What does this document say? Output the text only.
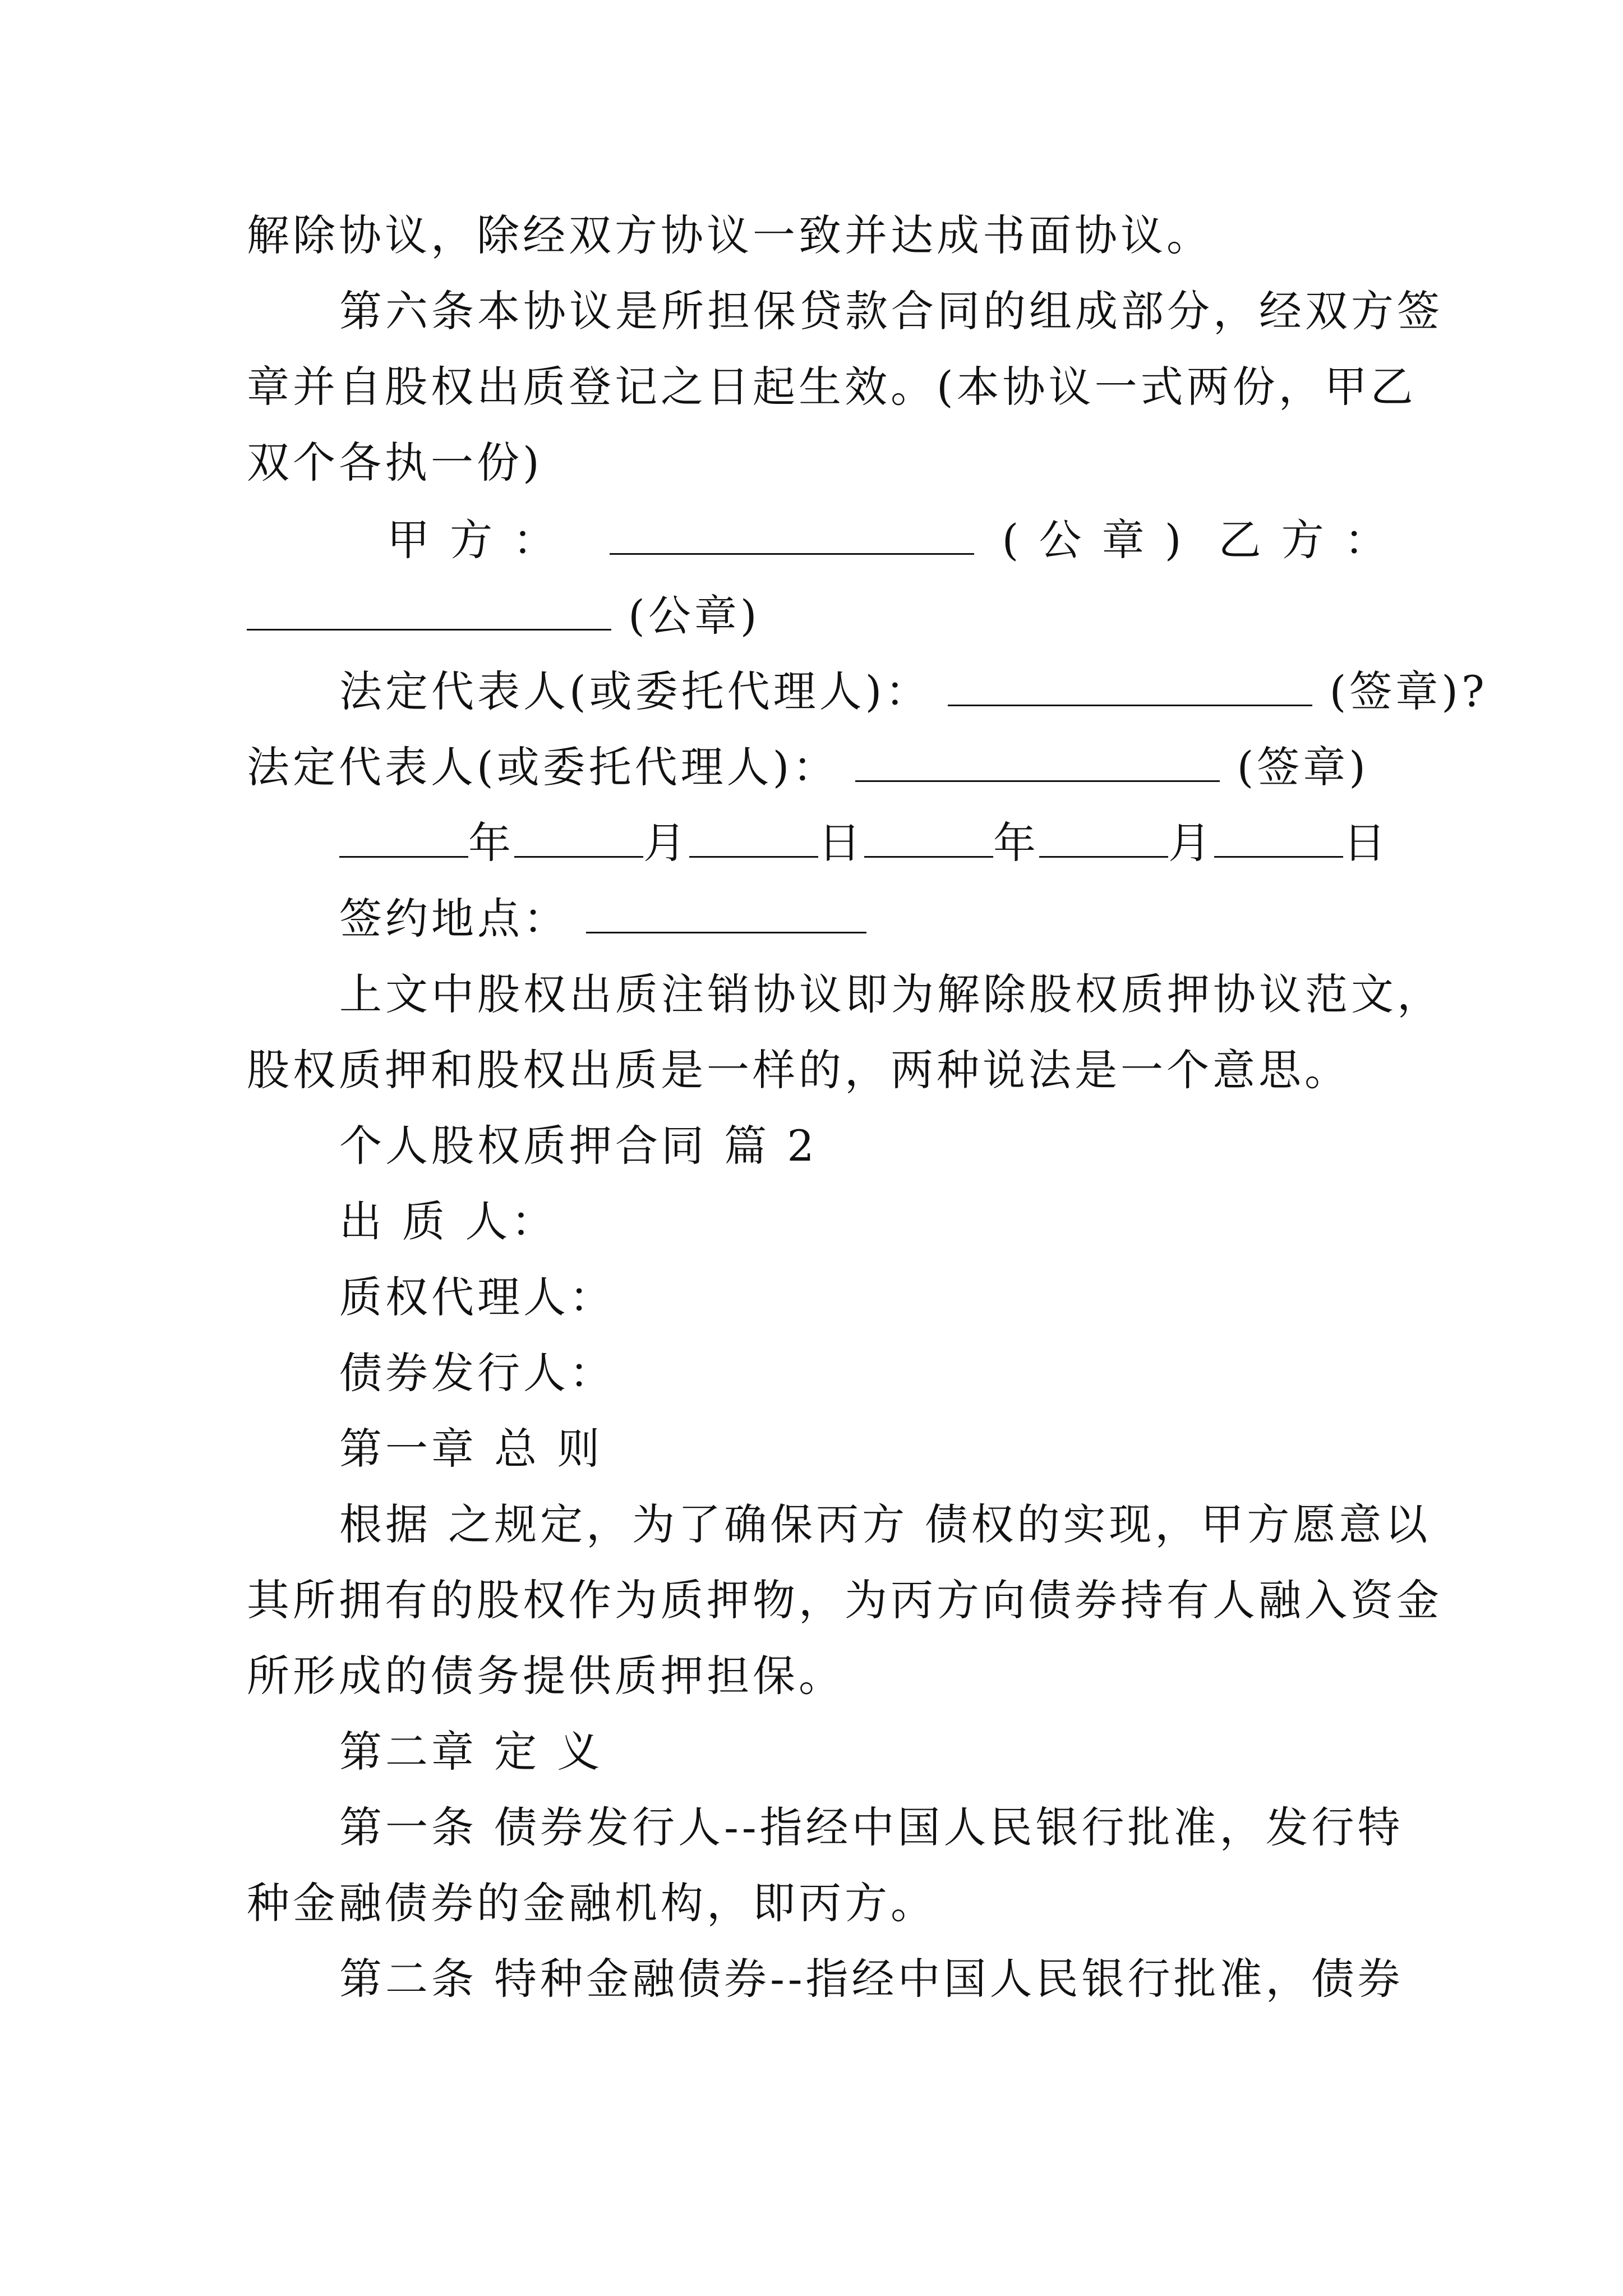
解除协议，除经双方协议一致并达成书面协议。
第六条本协议是所担保贷款合同的组成部分，经双方签
章并自股权出质登记之日起生效。(本协议一式两份，甲乙
双个各执一份)
甲 方 ：	( 公 章 ) 乙 方 ：
(公章)
法定代表人(或委托代理人)：	(签章)?
法定代表人(或委托代理人)：	(签章)
年	月	日	年	月	日
签约地点：
上文中股权出质注销协议即为解除股权质押协议范文，
股权质押和股权出质是一样的，两种说法是一个意思。
个人股权质押合同 篇 2
出 质 人：
质权代理人：
债券发行人：
第一章 总 则
根据 之规定，为了确保丙方 债权的实现，甲方愿意以
其所拥有的股权作为质押物，为丙方向债券持有人融入资金
所形成的债务提供质押担保。
第二章 定 义
第一条 债券发行人--指经中国人民银行批准，发行特
种金融债券的金融机构，即丙方。
第二条 特种金融债券--指经中国人民银行批准，债券
